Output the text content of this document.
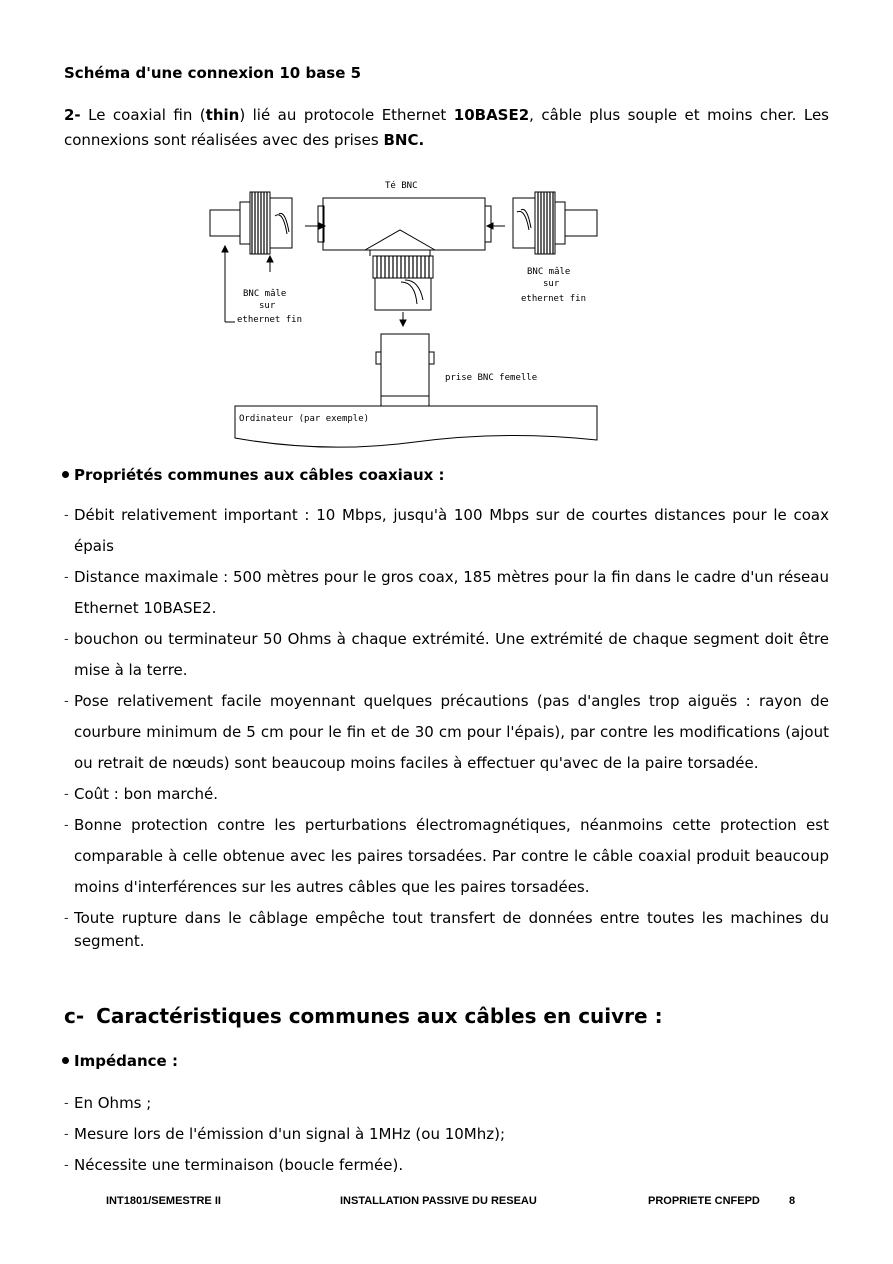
Schéma d'une connexion 10 base 5
2- Le coaxial fin (thin) lié au protocole Ethernet 10BASE2, câble plus souple et moins cher. Les connexions sont réalisées avec des prises BNC.
Té BNC
BNC mâle
sur
ethernet fin
BNC mâle
sur
ethernet fin
prise BNC femelle
Ordinateur (par exemple)
Propriétés communes aux câbles coaxiaux :
- Débit relativement important : 10 Mbps, jusqu'à 100 Mbps sur de courtes distances pour le coax épais
- Distance maximale : 500 mètres pour le gros coax, 185 mètres pour la fin dans le cadre d'un réseau Ethernet 10BASE2.
- bouchon ou terminateur 50 Ohms à chaque extrémité. Une extrémité de chaque segment doit être mise à la terre.
- Pose relativement facile moyennant quelques précautions (pas d'angles trop aiguës : rayon de courbure minimum de 5 cm pour le fin et de 30 cm pour l'épais), par contre les modifications (ajout ou retrait de nœuds) sont beaucoup moins faciles à effectuer qu'avec de la paire torsadée.
- Coût : bon marché.
- Bonne protection contre les perturbations électromagnétiques, néanmoins cette protection est comparable à celle obtenue avec les paires torsadées. Par contre le câble coaxial produit beaucoup moins d'interférences sur les autres câbles que les paires torsadées.
- Toute rupture dans le câblage empêche tout transfert de données entre toutes les machines du segment.
c- Caractéristiques communes aux câbles en cuivre :
Impédance :
- En Ohms ;
- Mesure lors de l'émission d'un signal à 1MHz (ou 10Mhz);
- Nécessite une terminaison (boucle fermée).
INT1801/SEMESTRE II	INSTALLATION PASSIVE DU RESEAU	PROPRIETE CNFEPD	8
